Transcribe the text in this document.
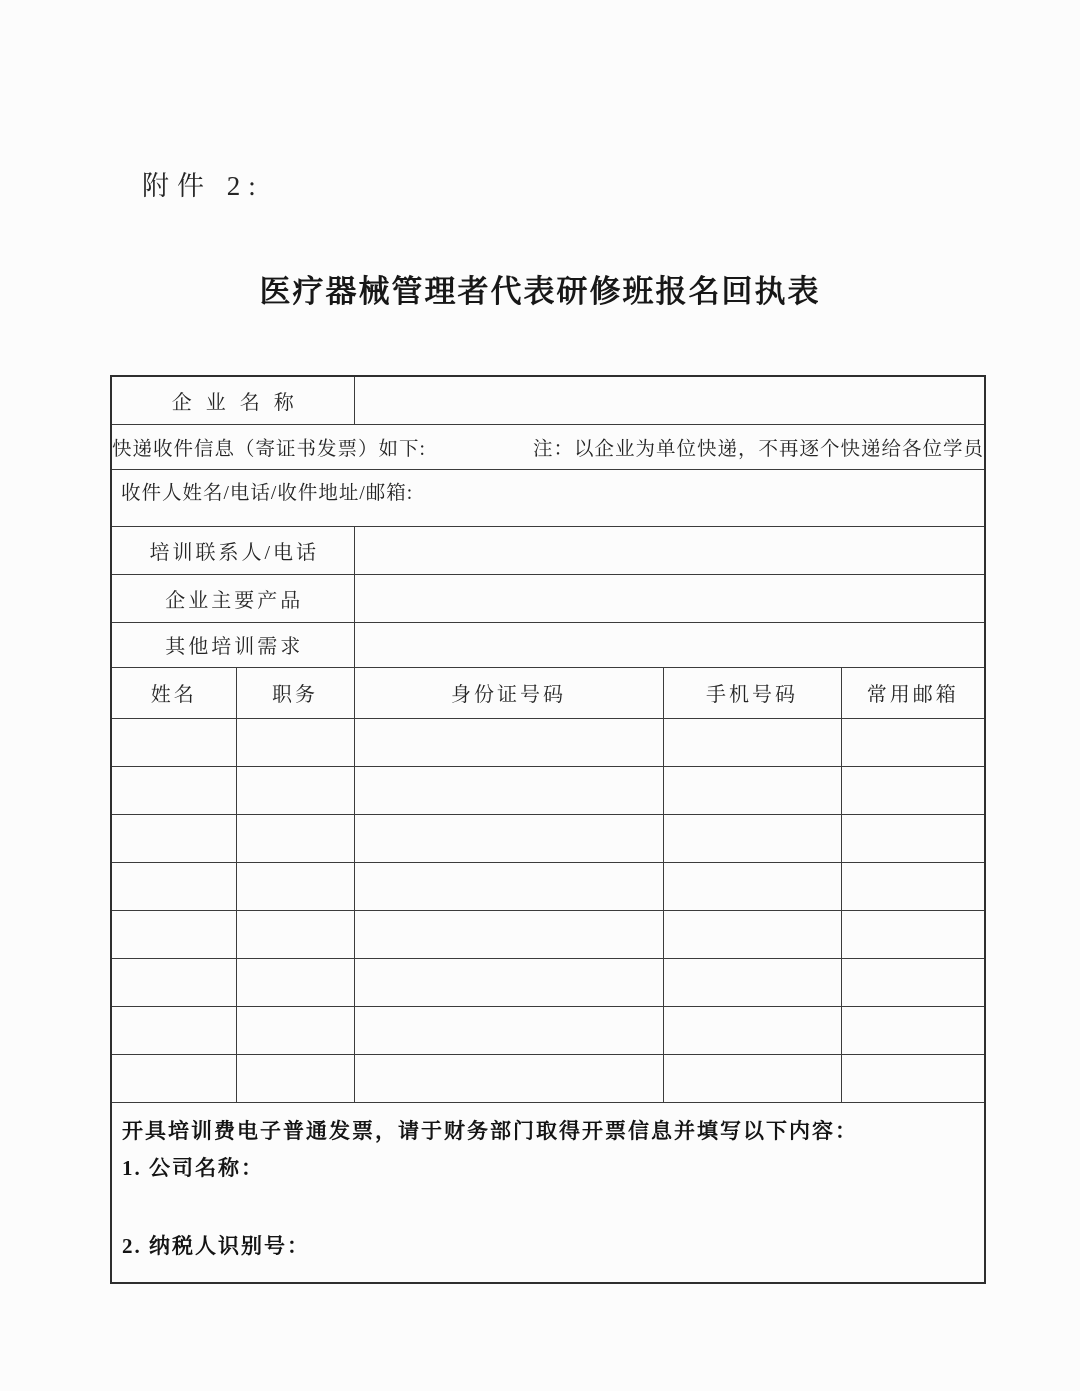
附件 2:
医疗器械管理者代表研修班报名回执表
企业名称				

快递收件信息（寄证书发票）如下: 注：以企业为单位快递，不再逐个快递给各位学员				

收件人姓名/电话/收件地址/邮箱:				

培训联系人/电话				
企业主要产品				
其他培训需求				
姓名	职务	身份证号码	手机号码	常用邮箱

开具培训费电子普通发票，请于财务部门取得开票信息并填写以下内容：
1. 公司名称：
2. 纳税人识别号：				
